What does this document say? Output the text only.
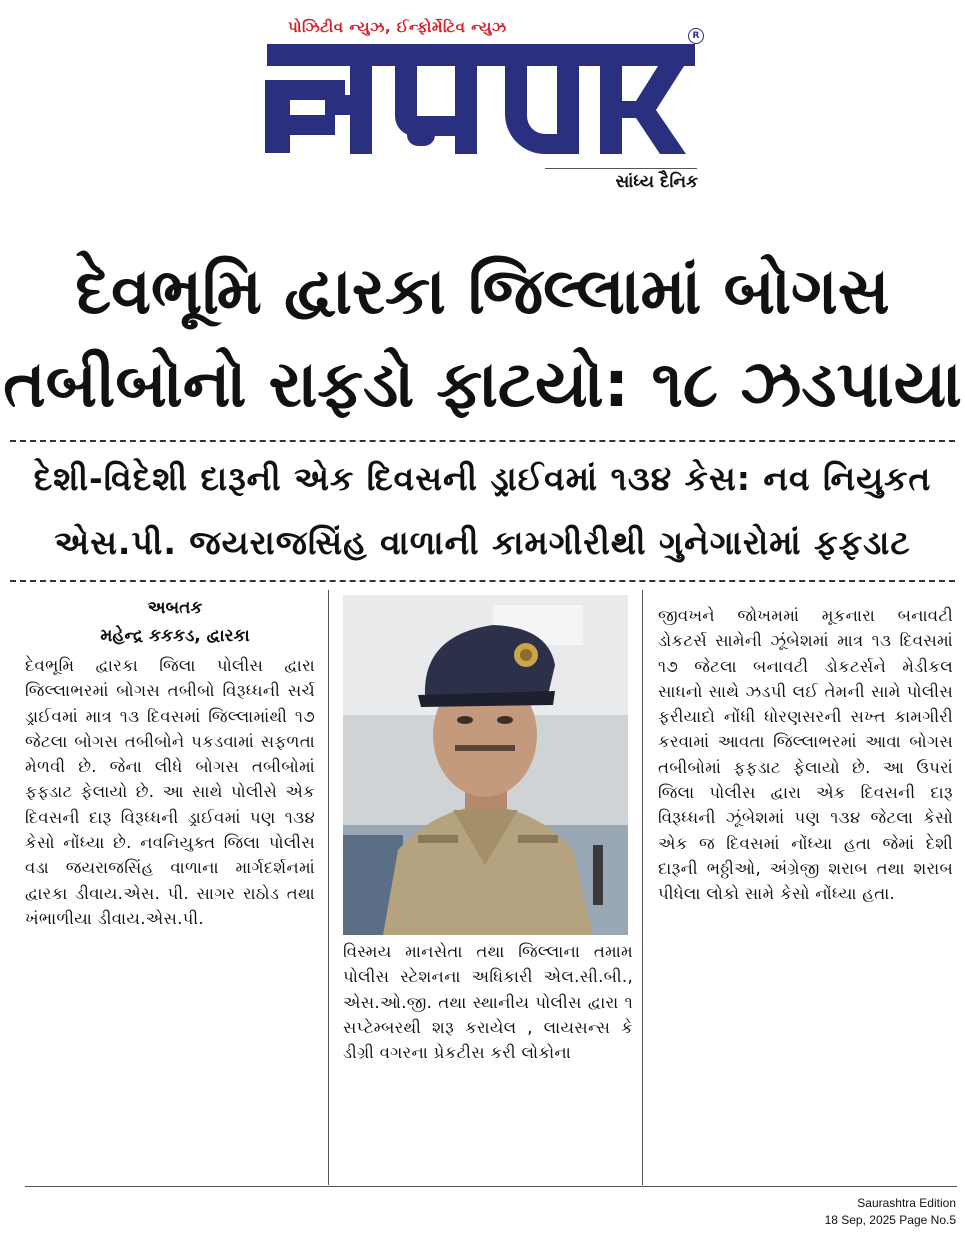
પોઝિટીવ ન્યુઝ, ઈન્ફોર્મેટિવ ન્યુઝ	R
સાંધ્ય દૈનિક
દેવભૂમિ દ્વારકા જિલ્લામાં બોગસ
તબીબોનો રાફડો ફાટયો: ૧૮ ઝડપાયા
દેશી-વિદેશી દારૂની એક દિવસની ડ્રાઈવમાં ૧૩૪ કેસ: નવ નિયુકત
એસ.પી. જયરાજસિંહ વાળાની કામગીરીથી ગુનેગારોમાં ફફડાટ
અબતક
મહેન્દ્ર કકકડ, દ્વારકા

દેવભૂમિ દ્વારકા જિલા પોલીસ દ્વારા જિલ્લાભરમાં બોગસ તબીબો વિરૂધ્ધની સર્ચ ડ્રાઈવમાં માત્ર ૧૩ દિવસમાં જિલ્લામાંથી ૧૭ જેટલા બોગસ તબીબોને પકડવામાં સફળતા મેળવી છે. જેના લીધે બોગસ તબીબોમાં ફફડાટ ફેલાયો છે. આ સાથે પોલીસે એક દિવસની દારૂ વિરૂધ્ધની ડ્રાઈવમાં પણ ૧૩૪ કેસો નોંધ્યા છે. નવનિયુક્ત જિલા પોલીસ વડા જયરાજસિંહ વાળાના માર્ગદર્શનમાં દ્વારકા ડીવાય.એસ. પી. સાગર રાઠોડ તથા ખંભાળીયા ડીવાય.એસ.પી.

વિસ્મય માનસેતા તથા જિલ્લાના તમામ પોલીસ સ્ટેશનના અધિકારી એલ.સી.બી., એસ.ઓ.જી. તથા સ્થાનીય પોલીસ દ્વારા ૧ સપ્ટેમ્બરથી શરૂ કરાયેલ , લાયસન્સ કે ડીગ્રી વગરના પ્રેકટીસ કરી લોકોના

જીવખને જોખમમાં મૂકનારા બનાવટી ડોકટર્સ સામેની ઝૂંબેશમાં માત્ર ૧૩ દિવસમાં ૧૭ જેટલા બનાવટી ડોકટર્સને મેડીકલ સાધનો સાથે ઝડપી લઈ તેમની સામે પોલીસ ફરીયાદો નોંધી ધોરણસરની સખ્ત કામગીરી કરવામાં આવતા જિલ્લાભરમાં આવા બોગસ તબીબોમાં ફફડાટ ફેલાયો છે. આ ઉપરાં જિલા પોલીસ દ્વારા એક દિવસની દારૂ વિરૂધ્ધની ઝૂંબેશમાં પણ ૧૩૪ જેટલા કેસો એક જ દિવસમાં નોંધ્યા હતા જેમાં દેશી દારૂની ભઠ્ઠીઓ, અંગ્રેજી શરાબ તથા શરાબ પીધેલા લોકો સામે કેસો નોંધ્યા હતા.

Saurashtra Edition
18 Sep, 2025 Page No.5
